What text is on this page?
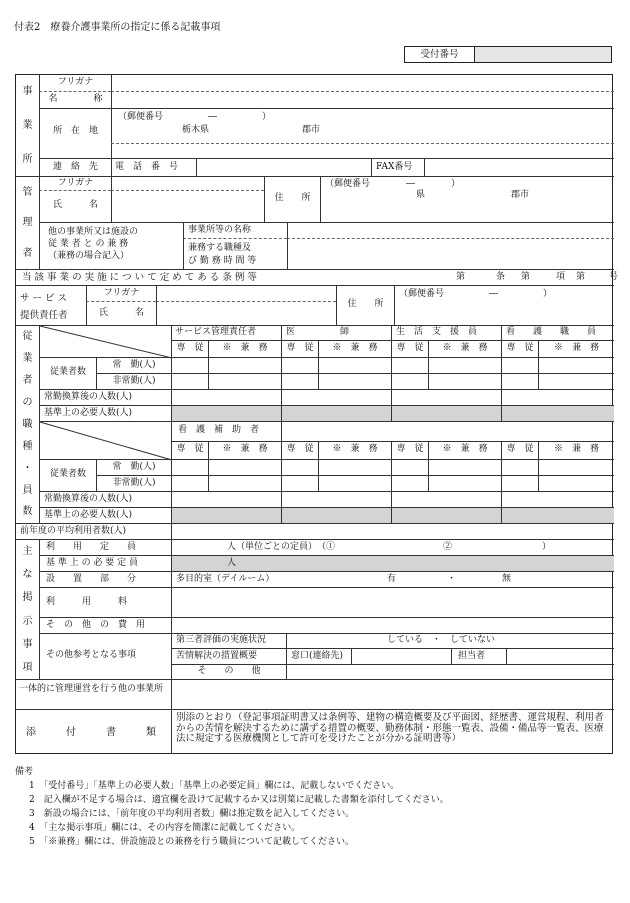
付表2　療養介護事業所の指定に係る記載事項
受付番号
事
業
所
フリガナ
名　　　　称
所　在　地
（郵便番号　　　　　―　　　　　）
栃木県	郡市
連　絡　先	電　話　番　号	FAX番号
管
理
者
フリガナ
氏　　　名
住　　所
（郵便番号　　　　―　　　　）
県	郡市
他の事業所又は施設の
従 業 者 と の 兼 務
（兼務の場合記入）
事業所等の名称
兼務する職種及
び 勤 務 時 間 等
当 該 事 業 の 実 施 に つ い て 定 め て あ る 条 例 等	第	条 第	項 第	号
サ ー ビ ス
提供責任者
フリガナ
氏　　　名
住　　所
（郵便番号　　　　　―　　　　　）
従
業
者
の
職
種
・
員
数
サービス管理責任者	医　　　　　師	生　活　支　援　員	看　　護　　職　　員
専　従	※　兼　務	専　従	※　兼　務	専　従	※　兼　務	専　従	※　兼　務
従業者数
常　勤(人)
非常勤(人)
常勤換算後の人数(人)
基準上の必要人数(人)
看　護　補　助　者
専　従	※　兼　務	専　従	※　兼　務	専　従	※　兼　務	専　従	※　兼　務
従業者数
常　勤(人)
非常勤(人)
常勤換算後の人数(人)
基準上の必要人数(人)
前年度の平均利用者数(人)
主
な
掲
示
事
項
利　　用　　定　　員	人（単位ごとの定員）　（①　　　　　　　　　　　　②　　　　　　　　　　）
基 準 上 の 必 要 定 員	人
設　　置　　部　　分	多目的室（デイルーム）	有	・	無
利　　　用　　　料
そ　の　他　の　費　用
その他参考となる事項
第三者評価の実施状況	している　・　していない
苦情解決の措置概要	窓口(連絡先)	担当者
そ　　の　　他
一体的に管理運営を行う他の事業所
添　　　付　　　書　　　類
別添のとおり（登記事項証明書又は条例等、建物の構造概要及び平面図、経歴書、運営規程、利用者からの苦情を解決するために講ずる措置の概要、勤務体制・形態一覧表、設備・備品等一覧表、医療法に規定する医療機関として許可を受けたことが分かる証明書等）
備考
1　「受付番号」「基準上の必要人数」「基準上の必要定員」欄には、記載しないでください。
2　記入欄が不足する場合は、適宜欄を設けて記載するか又は別葉に記載した書類を添付してください。
3　新設の場合には、「前年度の平均利用者数」欄は推定数を記入してください。
4　「主な掲示事項」欄には、その内容を簡潔に記載してください。
5　「※兼務」欄には、併設施設との兼務を行う職員について記載してください。
